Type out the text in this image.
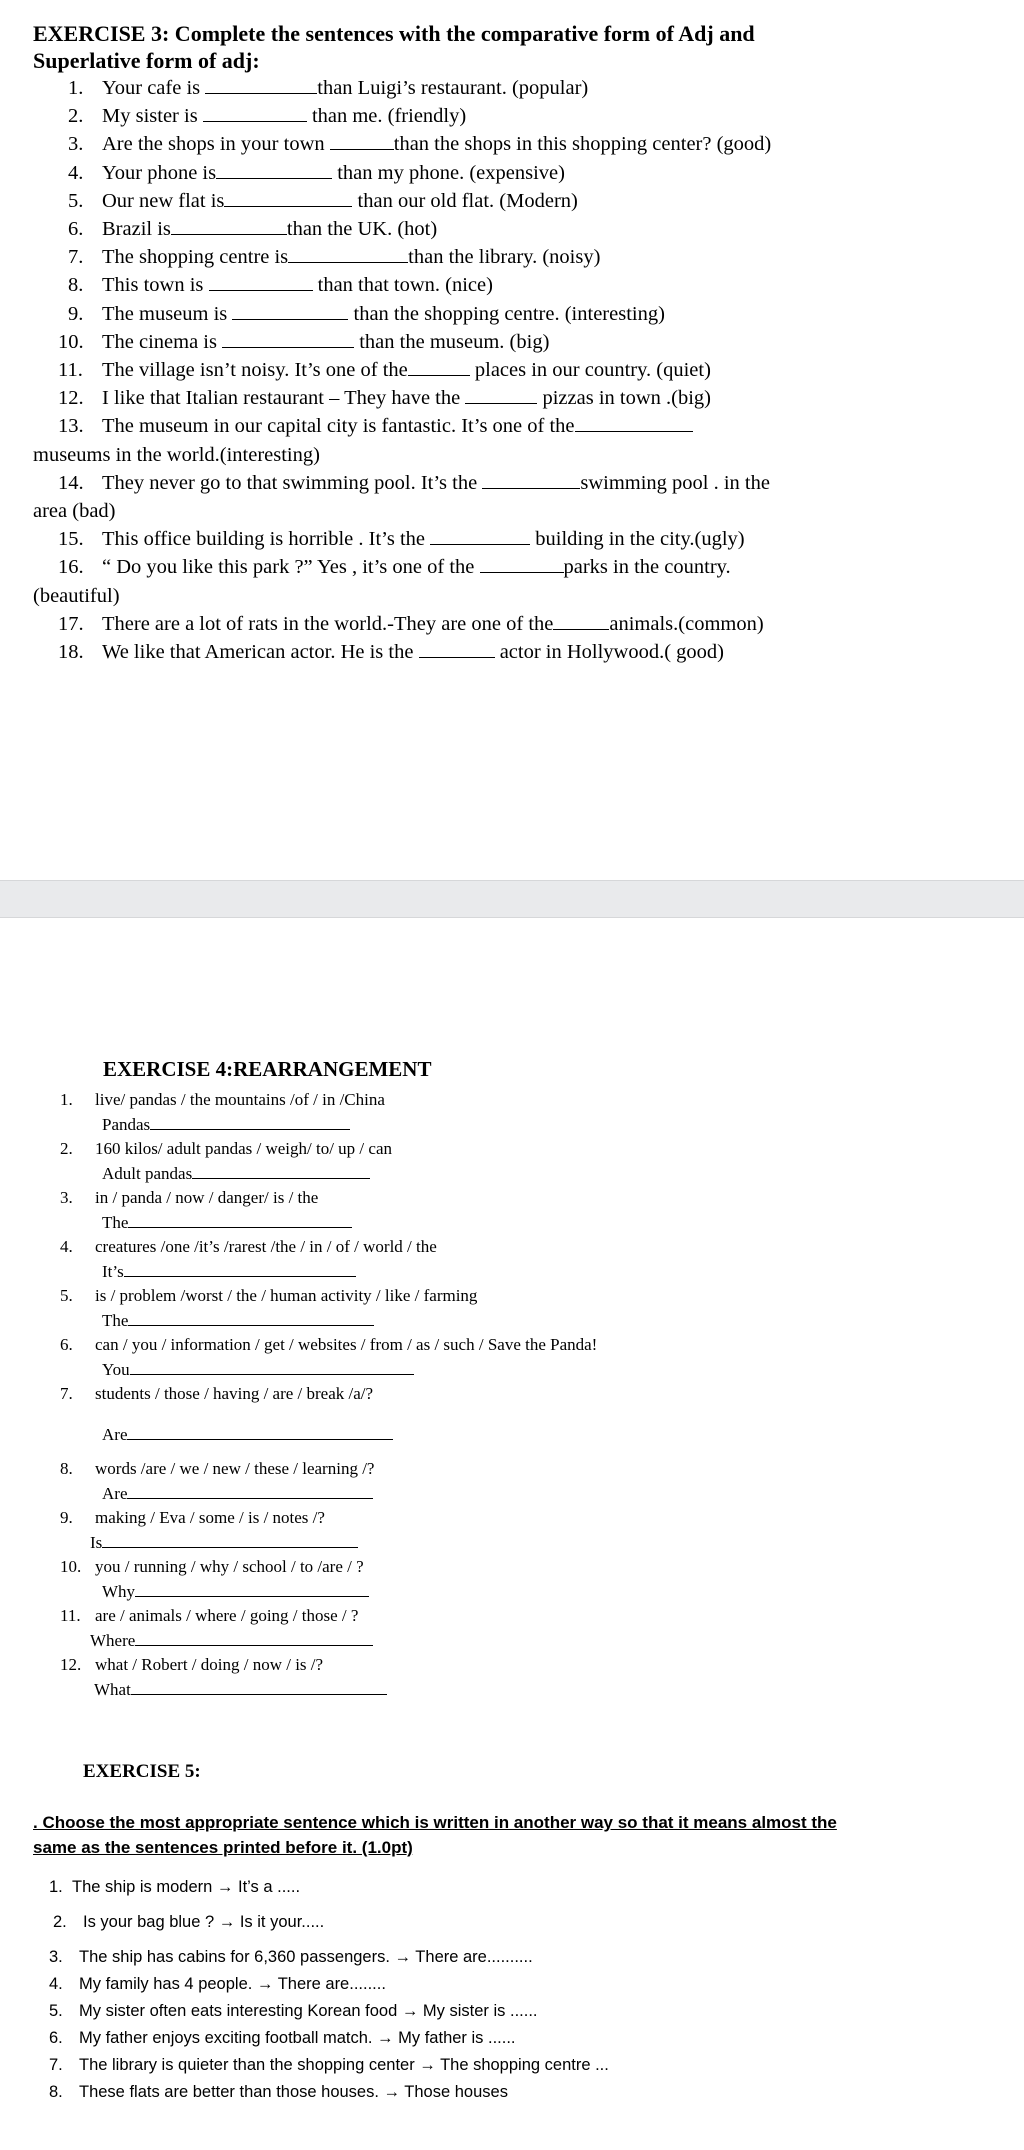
EXERCISE 3: Complete the sentences with the comparative form of Adj and
Superlative form of adj:
1. Your cafe is	than Luigi’s restaurant. (popular)
2. My sister is	than me. (friendly)
3. Are the shops in your town	than the shops in this shopping center? (good)
4. Your phone is	than my phone. (expensive)
5. Our new flat is	than our old flat. (Modern)
6. Brazil is	than the UK. (hot)
7. The shopping centre is	than the library. (noisy)
8. This town is	than that town. (nice)
9. The museum is	than the shopping centre. (interesting)
10. The cinema is	than the museum. (big)
11. The village isn’t noisy. It’s one of the	places in our country. (quiet)
12. I like that Italian restaurant – They have the	pizzas in town .(big)
13. The museum in our capital city is fantastic. It’s one of the
museums in the world.(interesting)
14. They never go to that swimming pool. It’s the	swimming pool . in the
area (bad)
15. This office building is horrible . It’s the	building in the city.(ugly)
16. “ Do you like this park ?” Yes , it’s one of the	parks in the country.
(beautiful)
17. There are a lot of rats in the world.-They are one of the	animals.(common)
18. We like that American actor. He is the	actor in Hollywood.( good)
EXERCISE 4:REARRANGEMENT
1. live/ pandas / the mountains /of / in /China
Pandas
2. 160 kilos/ adult pandas / weigh/ to/ up / can
Adult pandas
3. in / panda / now / danger/ is / the
The
4. creatures /one /it’s /rarest /the / in / of / world / the
It’s
5. is / problem /worst / the / human activity / like / farming
The
6. can / you / information / get / websites / from / as / such / Save the Panda!
You
7. students / those / having / are / break /a/?
Are
8. words /are / we / new / these / learning /?
Are
9. making / Eva / some / is / notes /?
Is
10. you / running / why / school / to /are / ?
Why
11. are / animals / where / going / those / ?
Where
12. what / Robert / doing / now / is /?
What
EXERCISE 5:
. Choose the most appropriate sentence which is written in another way so that it means almost the
same as the sentences printed before it. (1.0pt)
1. The ship is modern → It’s a .....
2. Is your bag blue ? → Is it your.....
3. The ship has cabins for 6,360 passengers. → There are..........
4. My family has 4 people. → There are........
5. My sister often eats interesting Korean food → My sister is ......
6. My father enjoys exciting football match. → My father is ......
7. The library is quieter than the shopping center → The shopping centre ...
8. These flats are better than those houses. → Those houses
